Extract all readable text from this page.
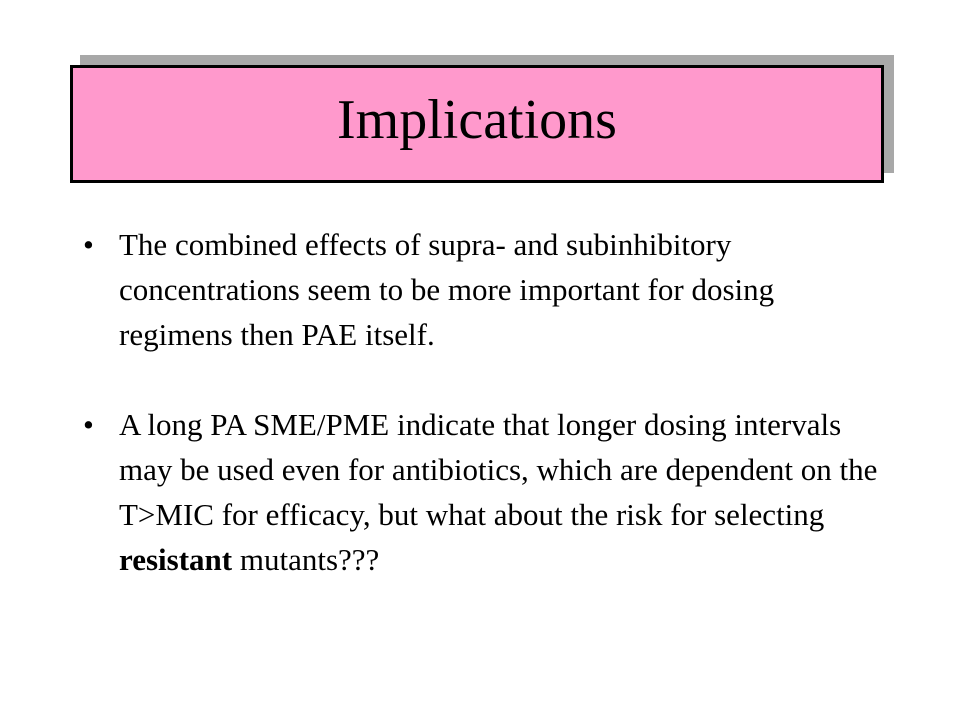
Implications
• The combined effects of supra- and subinhibitory concentrations seem to be more important for dosing regimens then PAE itself.
• A long PA SME/PME indicate that longer dosing intervals may be used even for antibiotics, which are dependent on the T>MIC for efficacy, but what about the risk for selecting resistant mutants???
